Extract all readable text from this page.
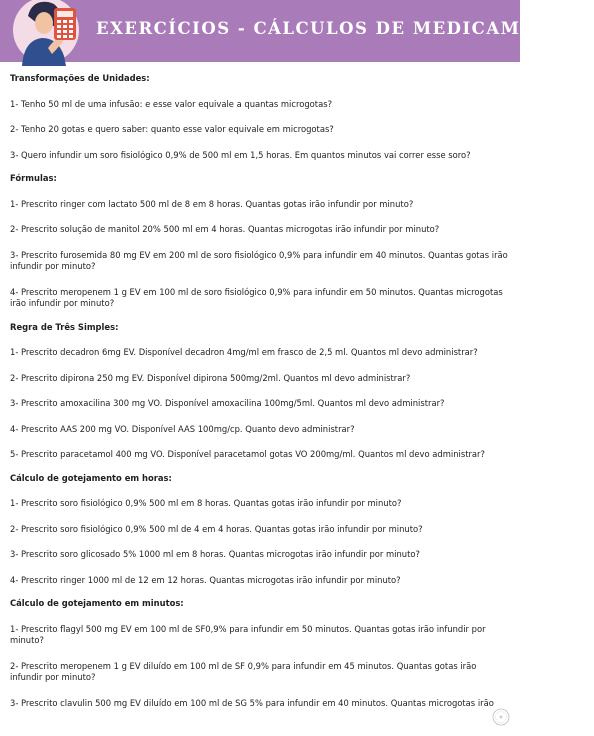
EXERCÍCIOS - CÁLCULOS DE MEDICAMENTOS
Transformações de Unidades:
1- Tenho 50 ml de uma infusão: e esse valor equivale a quantas microgotas?
2- Tenho 20 gotas e quero saber: quanto esse valor equivale em microgotas?
3- Quero infundir um soro fisiológico 0,9% de 500 ml em 1,5 horas. Em quantos minutos vai correr esse soro?
Fórmulas:
1- Prescrito ringer com lactato 500 ml de 8 em 8 horas. Quantas gotas irão infundir por minuto?
2- Prescrito solução de manitol 20% 500 ml em 4 horas. Quantas microgotas irão infundir por minuto?
3- Prescrito furosemida 80 mg EV em 200 ml de soro fisiológico 0,9% para infundir em 40 minutos. Quantas gotas irão infundir por minuto?
4- Prescrito meropenem 1 g EV em 100 ml de soro fisiológico 0,9% para infundir em 50 minutos. Quantas microgotas irão infundir por minuto?
Regra de Três Simples:
1- Prescrito decadron 6mg EV. Disponível decadron 4mg/ml em frasco de 2,5 ml. Quantos ml devo administrar?
2- Prescrito dipirona 250 mg EV. Disponível dipirona 500mg/2ml. Quantos ml devo administrar?
3- Prescrito amoxacilina 300 mg VO. Disponível amoxacilina 100mg/5ml. Quantos ml devo administrar?
4- Prescrito AAS 200 mg VO. Disponível AAS 100mg/cp. Quanto devo administrar?
5- Prescrito paracetamol 400 mg VO. Disponível paracetamol gotas VO 200mg/ml. Quantos ml devo administrar?
Cálculo de gotejamento em horas:
1- Prescrito soro fisiológico 0,9% 500 ml em 8 horas. Quantas gotas irão infundir por minuto?
2- Prescrito soro fisiológico 0,9% 500 ml de 4 em 4 horas. Quantas gotas irão infundir por minuto?
3- Prescrito soro glicosado 5% 1000 ml em 8 horas. Quantas microgotas irão infundir por minuto?
4- Prescrito ringer 1000 ml de 12 em 12 horas. Quantas microgotas irão infundir por minuto?
Cálculo de gotejamento em minutos:
1- Prescrito flagyl 500 mg EV em 100 ml de SF0,9% para infundir em 50 minutos. Quantas gotas irão infundir por minuto?
2- Prescrito meropenem 1 g EV diluído em 100 ml de SF 0,9% para infundir em 45 minutos. Quantas gotas irão infundir por minuto?
3- Prescrito clavulin 500 mg EV diluído em 100 ml de SG 5% para infundir em 40 minutos. Quantas microgotas irão
